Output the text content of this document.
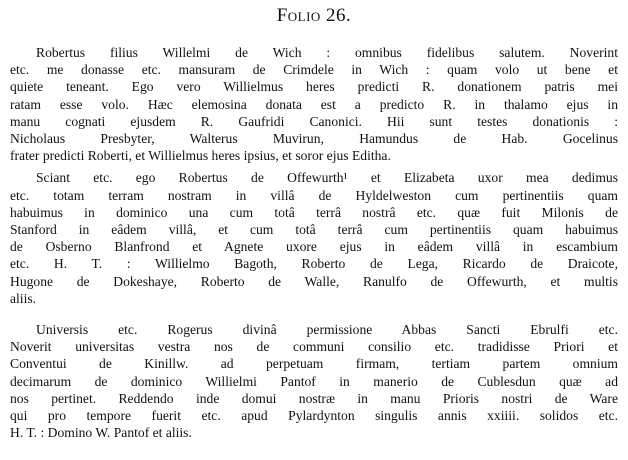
Folio 26.
Robertus filius Willelmi de Wich : omnibus fidelibus salutem. Noverint
etc. me donasse etc. mansuram de Crimdele in Wich : quam volo ut bene et
quiete teneant. Ego vero Willielmus heres predicti R. donationem patris mei
ratam esse volo. Hæc elemosina donata est a predicto R. in thalamo ejus in
manu cognati ejusdem R. Gaufridi Canonici. Hii sunt testes donationis :
Nicholaus Presbyter, Walterus Muvirun, Hamundus de Hab. Gocelinus
frater predicti Roberti, et Willielmus heres ipsius, et soror ejus Editha.
Sciant etc. ego Robertus de Offewurth¹ et Elizabeta uxor mea dedimus
etc. totam terram nostram in villâ de Hyldelweston cum pertinentiis quam
habuimus in dominico una cum totâ terrâ nostrâ etc. quæ fuit Milonis de
Stanford in eâdem villâ, et cum totâ terrâ cum pertinentiis quam habuimus
de Osberno Blanfrond et Agnete uxore ejus in eâdem villâ in escambium
etc. H. T. : Willielmo Bagoth, Roberto de Lega, Ricardo de Draicote,
Hugone de Dokeshaye, Roberto de Walle, Ranulfo de Offewurth, et multis
aliis.
Universis etc. Rogerus divinâ permissione Abbas Sancti Ebrulfi etc.
Noverit universitas vestra nos de communi consilio etc. tradidisse Priori et
Conventui de Kinillw. ad perpetuam firmam, tertiam partem omnium
decimarum de dominico Willielmi Pantof in manerio de Cublesdun quæ ad
nos pertinet. Reddendo inde domui nostræ in manu Prioris nostri de Ware
qui pro tempore fuerit etc. apud Pylardynton singulis annis xxiiii. solidos etc.
H. T. : Domino W. Pantof et aliis.
